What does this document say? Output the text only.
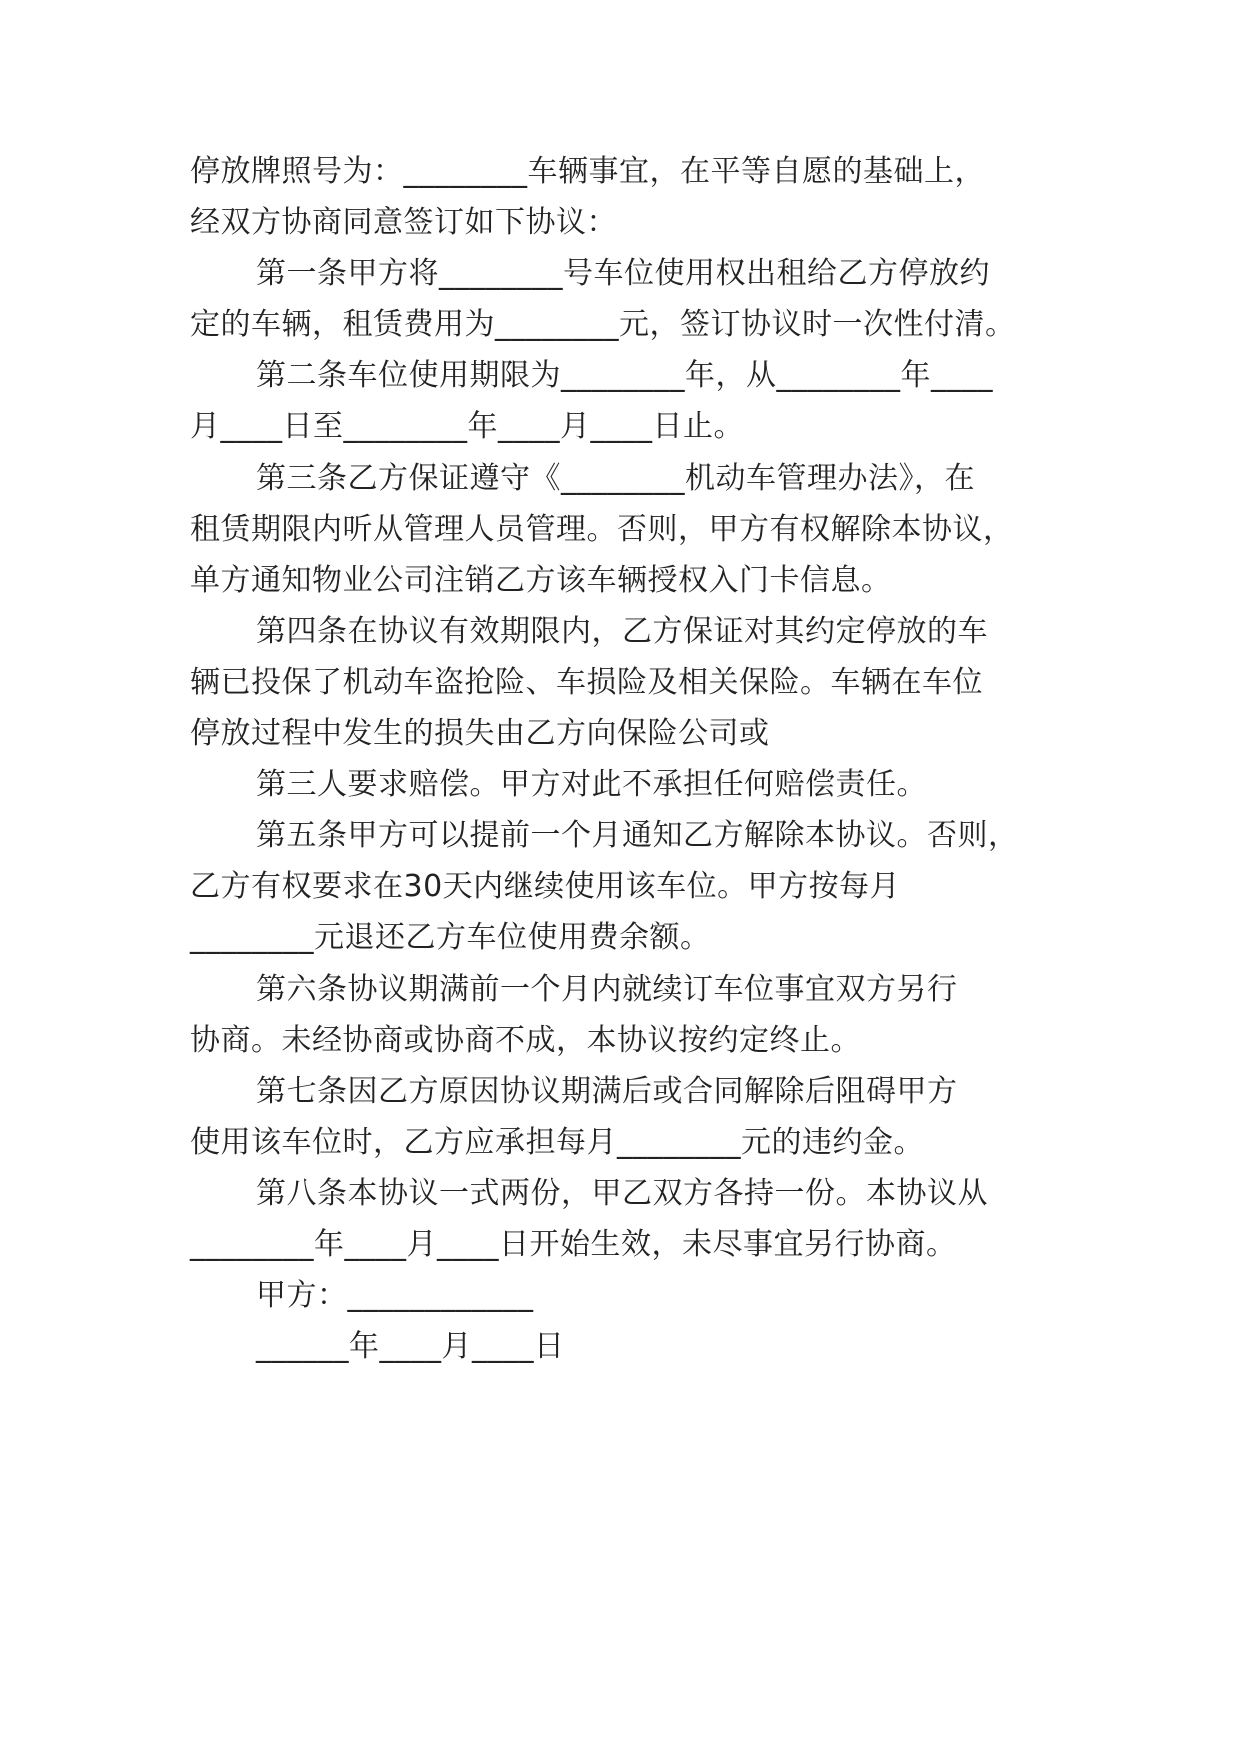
停放牌照号为：________车辆事宜，在平等自愿的基础上，
经双方协商同意签订如下协议：
第一条甲方将________号车位使用权出租给乙方停放约
定的车辆，租赁费用为________元，签订协议时一次性付清。
第二条车位使用期限为________年，从________年____
月____日至________年____月____日止。
第三条乙方保证遵守《________机动车管理办法》，在
租赁期限内听从管理人员管理。否则，甲方有权解除本协议，
单方通知物业公司注销乙方该车辆授权入门卡信息。
第四条在协议有效期限内，乙方保证对其约定停放的车
辆已投保了机动车盗抢险、车损险及相关保险。车辆在车位
停放过程中发生的损失由乙方向保险公司或
第三人要求赔偿。甲方对此不承担任何赔偿责任。
第五条甲方可以提前一个月通知乙方解除本协议。否则，
乙方有权要求在30天内继续使用该车位。甲方按每月
________元退还乙方车位使用费余额。
第六条协议期满前一个月内就续订车位事宜双方另行
协商。未经协商或协商不成，本协议按约定终止。
第七条因乙方原因协议期满后或合同解除后阻碍甲方
使用该车位时，乙方应承担每月________元的违约金。
第八条本协议一式两份，甲乙双方各持一份。本协议从
________年____月____日开始生效，未尽事宜另行协商。
甲方：____________
______年____月____日
